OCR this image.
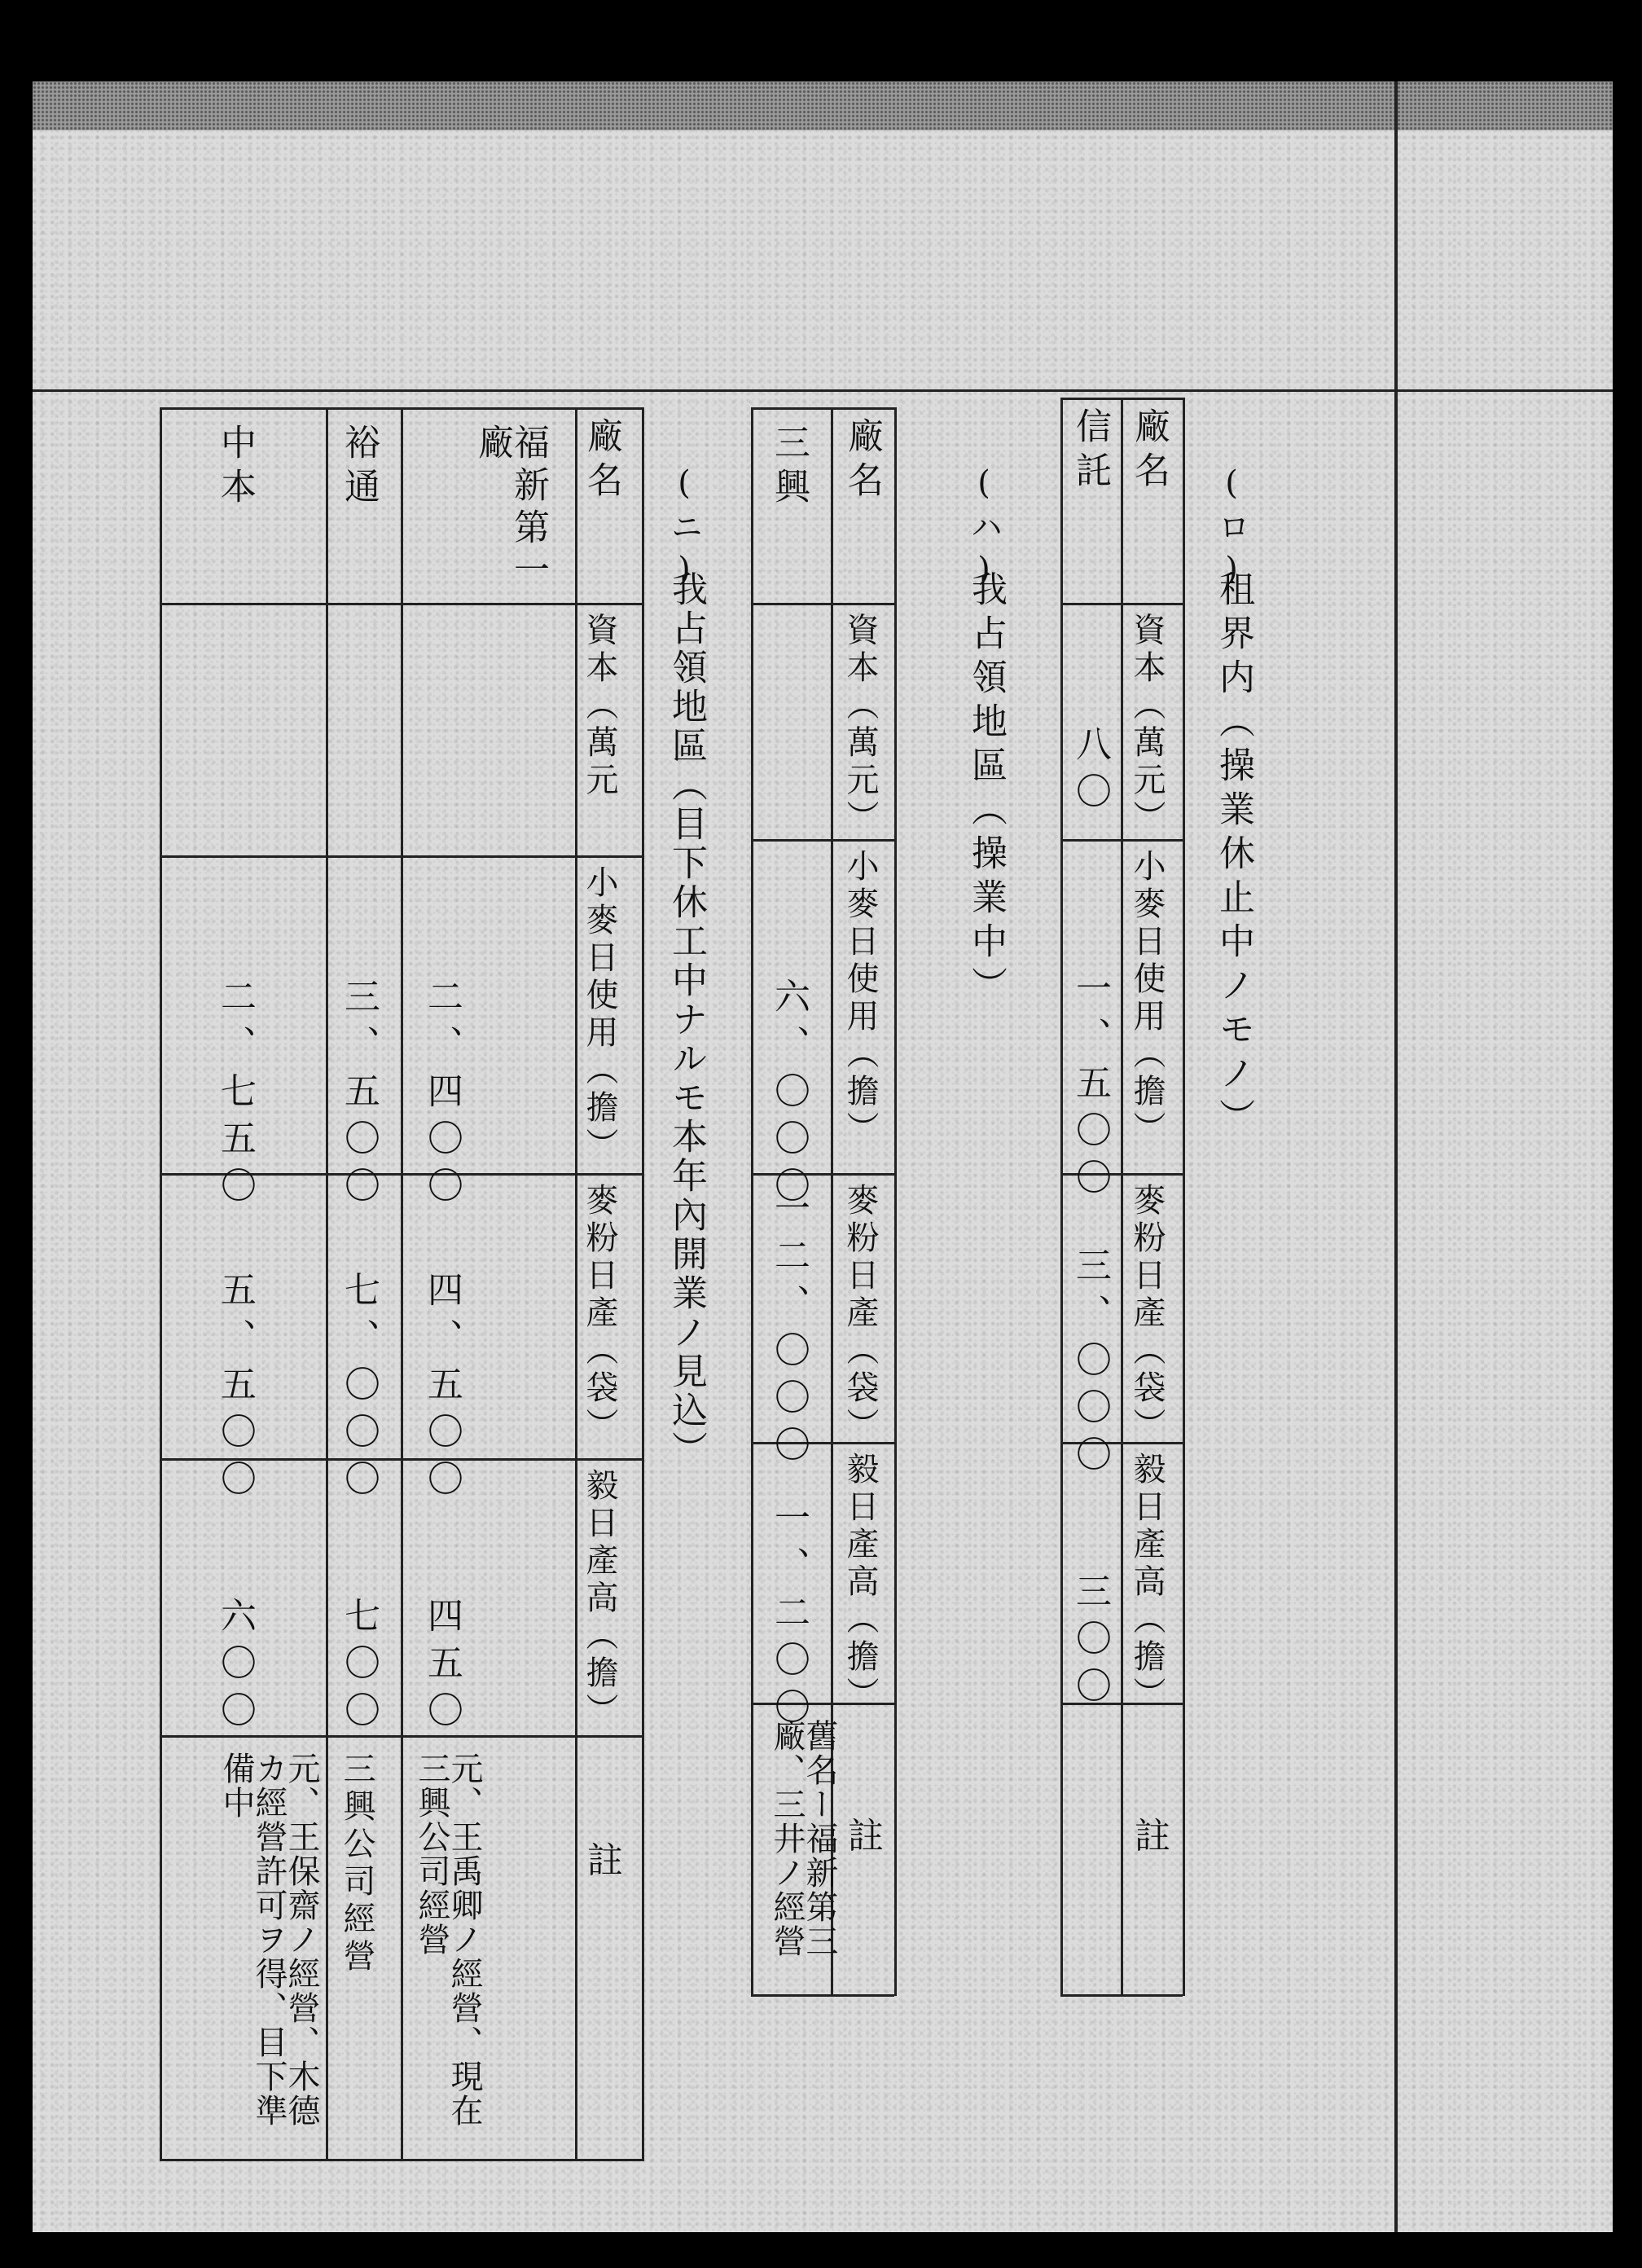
(ロ)
租界内（操業休止中ノモノ）
廠名
資本（萬元）
小麥日使用（擔）
麥粉日產（袋）
毅日產高（擔）
註
信託
八〇
一、五〇〇
三、〇〇〇
三〇〇
(ハ)
我占領地區（操業中）
廠名
資本（萬元）
小麥日使用（擔）
麥粉日產（袋）
毅日產高（擔）
註
三興
六、〇〇〇
一二、〇〇〇
一、二〇〇
舊名ー福新第三廠、三井ノ經營
(ニ)
我占領地區（目下休工中ナルモ本年內開業ノ見込）
廠名
資本（萬元
小麥日使用（擔）
麥粉日產（袋）
毅日產高（擔）
註
福新第一廠
二、四〇〇
四、五〇〇
四五〇
元、王禹卿ノ經營、現在三興公司經營
裕通
三、五〇〇
七、〇〇〇
七〇〇
三興公司經營
中本
二、七五〇
五、五〇〇
六〇〇
元、王保齋ノ經營、木德カ經營許可ヲ得、目下準備中
